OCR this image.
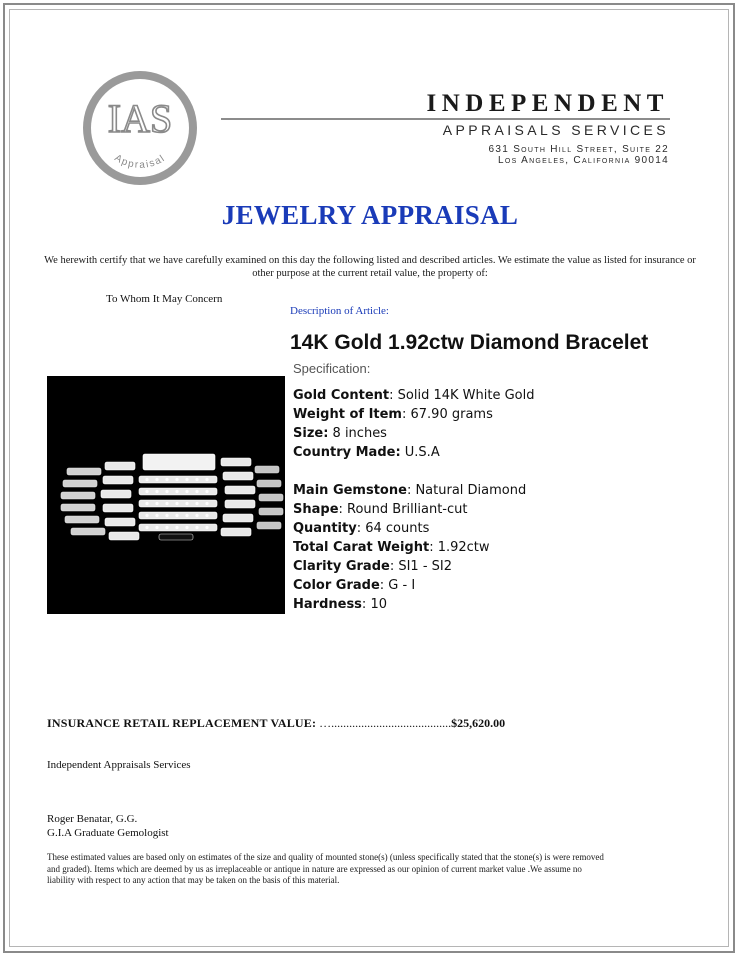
IAS
Appraisal
INDEPENDENT
APPRAISALS SERVICES
631 South Hill Street, Suite 22
Los Angeles, California 90014
JEWELRY APPRAISAL
We herewith certify that we have carefully examined on this day the following listed and described articles. We estimate the value as listed for insurance or other purpose at the current retail value, the property of:
To Whom It May Concern
Description of Article:
14K Gold 1.92ctw Diamond Bracelet
Specification:
Gold Content: Solid 14K White Gold
Weight of Item: 67.90 grams
Size: 8 inches
Country Made: U.S.A
Main Gemstone: Natural Diamond
Shape: Round Brilliant-cut
Quantity: 64 counts
Total Carat Weight: 1.92ctw
Clarity Grade: SI1 - SI2
Color Grade: G - I
Hardness: 10
INSURANCE RETAIL REPLACEMENT VALUE: …........................................$25,620.00
Independent Appraisals Services
Roger Benatar, G.G.
G.I.A Graduate Gemologist
These estimated values are based only on estimates of the size and quality of mounted stone(s) (unless specifically stated that the stone(s) is were removed and graded). Items which are deemed by us as irreplaceable or antique in nature are expressed as our opinion of current market value .We assume no liability with respect to any action that may be taken on the basis of this material.
